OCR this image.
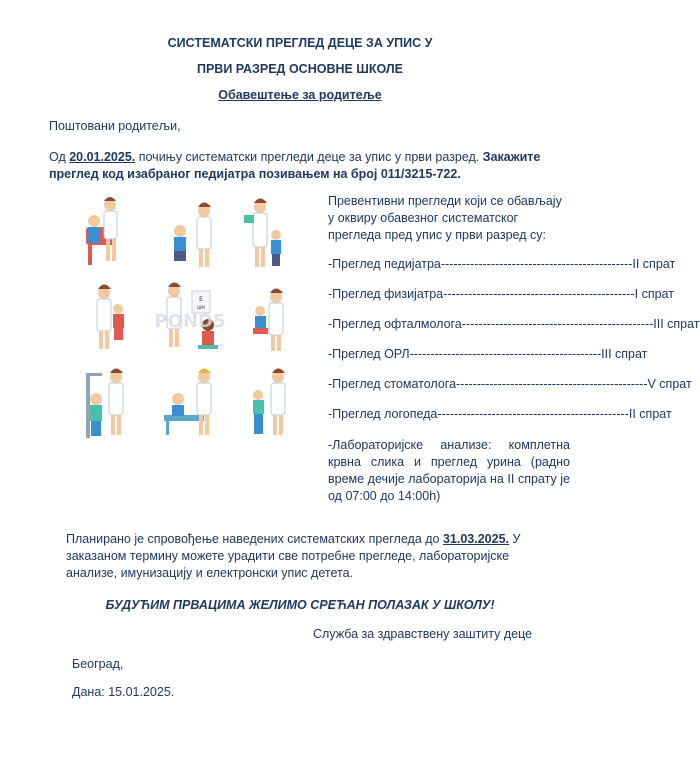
СИСТЕМАТСКИ ПРЕГЛЕД ДЕЦЕ ЗА УПИС У
ПРВИ РАЗРЕД ОСНОВНЕ ШКОЛЕ
Обавештење за родитеље
Поштовани родитељи,
Од 20.01.2025. почињу систематски прегледи деце за упис у први разред. Закажите преглед код изабраног педијатра позивањем на број 011/3215-722.
E
ШМ
POND5
Превентивни прегледи који се обављају у оквиру обавезног систематског прегледа пред упис у први разред су:
-Преглед педијатра ---------------------------------------------- II спрат
-Преглед физијатра ---------------------------------------------- I спрат
-Преглед офталмолога ---------------------------------------------- III спрат
-Преглед ОРЛ ---------------------------------------------- III спрат
-Преглед стоматолога ---------------------------------------------- V спрат
-Преглед логопеда ---------------------------------------------- II спрат
-Лабораторијске анализе: комплетна крвна слика и преглед урина (радно време дечије лабораторија на II спрату је од 07:00 до 14:00h)
Планирано је спровођење наведених систематских прегледа до 31.03.2025. У заказаном термину можете урадити све потребне прегледе, лабораторијске анализе, имунизацију и електронски упис детета.
БУДУЋИМ ПРВАЦИМА ЖЕЛИМО СРЕЋАН ПОЛАЗАК У ШКОЛУ!
Служба за здравствену заштиту деце
Београд,
Дана: 15.01.2025.
